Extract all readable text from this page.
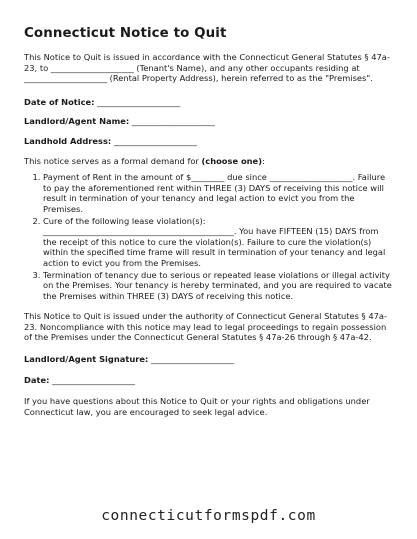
Connecticut Notice to Quit

This Notice to Quit is issued in accordance with the Connecticut General Statutes § 47a-23, to ____________________ (Tenant's Name), and any other occupants residing at ____________________ (Rental Property Address), herein referred to as the "Premises".

Date of Notice: ____________________

Landlord/Agent Name: ____________________

Landhold Address: ____________________

This notice serves as a formal demand for (choose one):

1. Payment of Rent in the amount of $________ due since ____________________. Failure to pay the aforementioned rent within THREE (3) DAYS of receiving this notice will result in termination of your tenancy and legal action to evict you from the Premises.
2. Cure of the following lease violation(s): ______________________________________________. You have FIFTEEN (15) DAYS from the receipt of this notice to cure the violation(s). Failure to cure the violation(s) within the specified time frame will result in termination of your tenancy and legal action to evict you from the Premises.
3. Termination of tenancy due to serious or repeated lease violations or illegal activity on the Premises. Your tenancy is hereby terminated, and you are required to vacate the Premises within THREE (3) DAYS of receiving this notice.

This Notice to Quit is issued under the authority of Connecticut General Statutes § 47a-23. Noncompliance with this notice may lead to legal proceedings to regain possession of the Premises under the Connecticut General Statutes § 47a-26 through § 47a-42.

Landlord/Agent Signature: ____________________

Date: ____________________

If you have questions about this Notice to Quit or your rights and obligations under Connecticut law, you are encouraged to seek legal advice.

connecticutformspdf.com
